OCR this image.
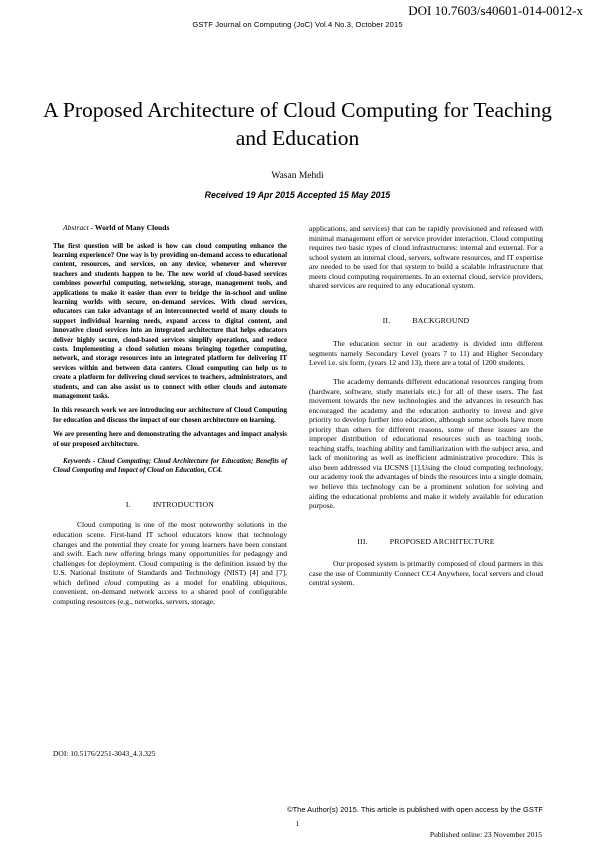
DOI 10.7603/s40601-014-0012-x
GSTF Journal on Computing (JoC) Vol.4 No.3, October 2015
A Proposed Architecture of Cloud Computing for Teaching and Education
Wasan Mehdi
Received 19 Apr 2015 Accepted 15 May 2015

Abstract - World of Many Clouds

The first question will be asked is how can cloud computing enhance the learning experience? One way is by providing on-demand access to educational content, resources, and services, on any device, whenever and wherever teachers and students happen to be. The new world of cloud-based services combines powerful computing, networking, storage, management tools, and applications to make it easier than ever to bridge the in-school and online learning worlds with secure, on-demand services. With cloud services, educators can take advantage of an interconnected world of many clouds to support individual learning needs, expand access to digital content, and innovative cloud services into an integrated architecture that helps educators deliver highly secure, cloud-based services simplify operations, and reduce costs. Implementing a cloud solution means bringing together computing, network, and storage resources into an integrated platform for delivering IT services within and between data canters. Cloud computing can help us to create a platform for delivering cloud services to teachers, administrators, and students, and can also assist us to connect with other clouds and automate management tasks.

In this research work we are introducing our architecture of Cloud Computing for education and discuss the impact of our chosen architecture on learning.

We are presenting here and demonstrating the advantages and impact analysis of our proposed architecture.

Keywords - Cloud Computing; Cloud Architecture for Education; Benefits of Cloud Computing and Impact of Cloud on Education, CC4.

I.	INTRODUCTION

Cloud computing is one of the most noteworthy solutions in the education scene. First-hand IT school educators know that technology changes and the potential they create for young learners have been constant and swift. Each new offering brings many opportunities for pedagogy and challenges for deployment. Cloud computing is the definition issued by the U.S. National Institute of Standards and Technology (NIST) [4] and [7], which defined cloud computing as a model for enabling ubiquitous, convenient, on-demand network access to a shared pool of configurable computing resources (e.g., networks, servers, storage,

applications, and services) that can be rapidly provisioned and released with minimal management effort or service provider interaction. Cloud computing requires two basic types of cloud infrastructures: internal and external. For a school system an internal cloud, servers, software resources, and IT expertise are needed to be used for that system to build a scalable infrastructure that meets cloud computing requirements. In an external cloud, service providers, shared services are required to any educational system.

II.	BACKGROUND

The education sector in our academy is divided into different segments namely Secondary Level (years 7 to 11) and Higher Secondary Level i.e. six form, (years 12 and 13), there are a total of 1200 students.

The academy demands different educational resources ranging from (hardware, software, study materials etc.) for all of these users. The fast movement towards the new technologies and the advances in research has encouraged the academy and the education authority to invest and give priority to develop further into education, although some schools have more priority than others for different reasons, some of these issues are the improper distribution of educational resources such as teaching tools, teaching staffs, teaching ability and familiarization with the subject area, and lack of monitoring as well as inefficient administrative procedure. This is also been addressed via IJCSNS [1].Using the cloud computing technology, our academy took the advantages of binds the resources into a single domain, we believe this technology can be a prominent solution for solving and aiding the educational problems and make it widely available for education purpose.

III.	PROPOSED ARCHITECTURE

Our proposed system is primarily composed of cloud partners in this case the use of Community Connect CC4 Anywhere, local servers and cloud central system.

DOI: 10.5176/2251-3043_4.3.325
©The Author(s) 2015. This article is published with open access by the GSTF
1
Published online: 23 November 2015
